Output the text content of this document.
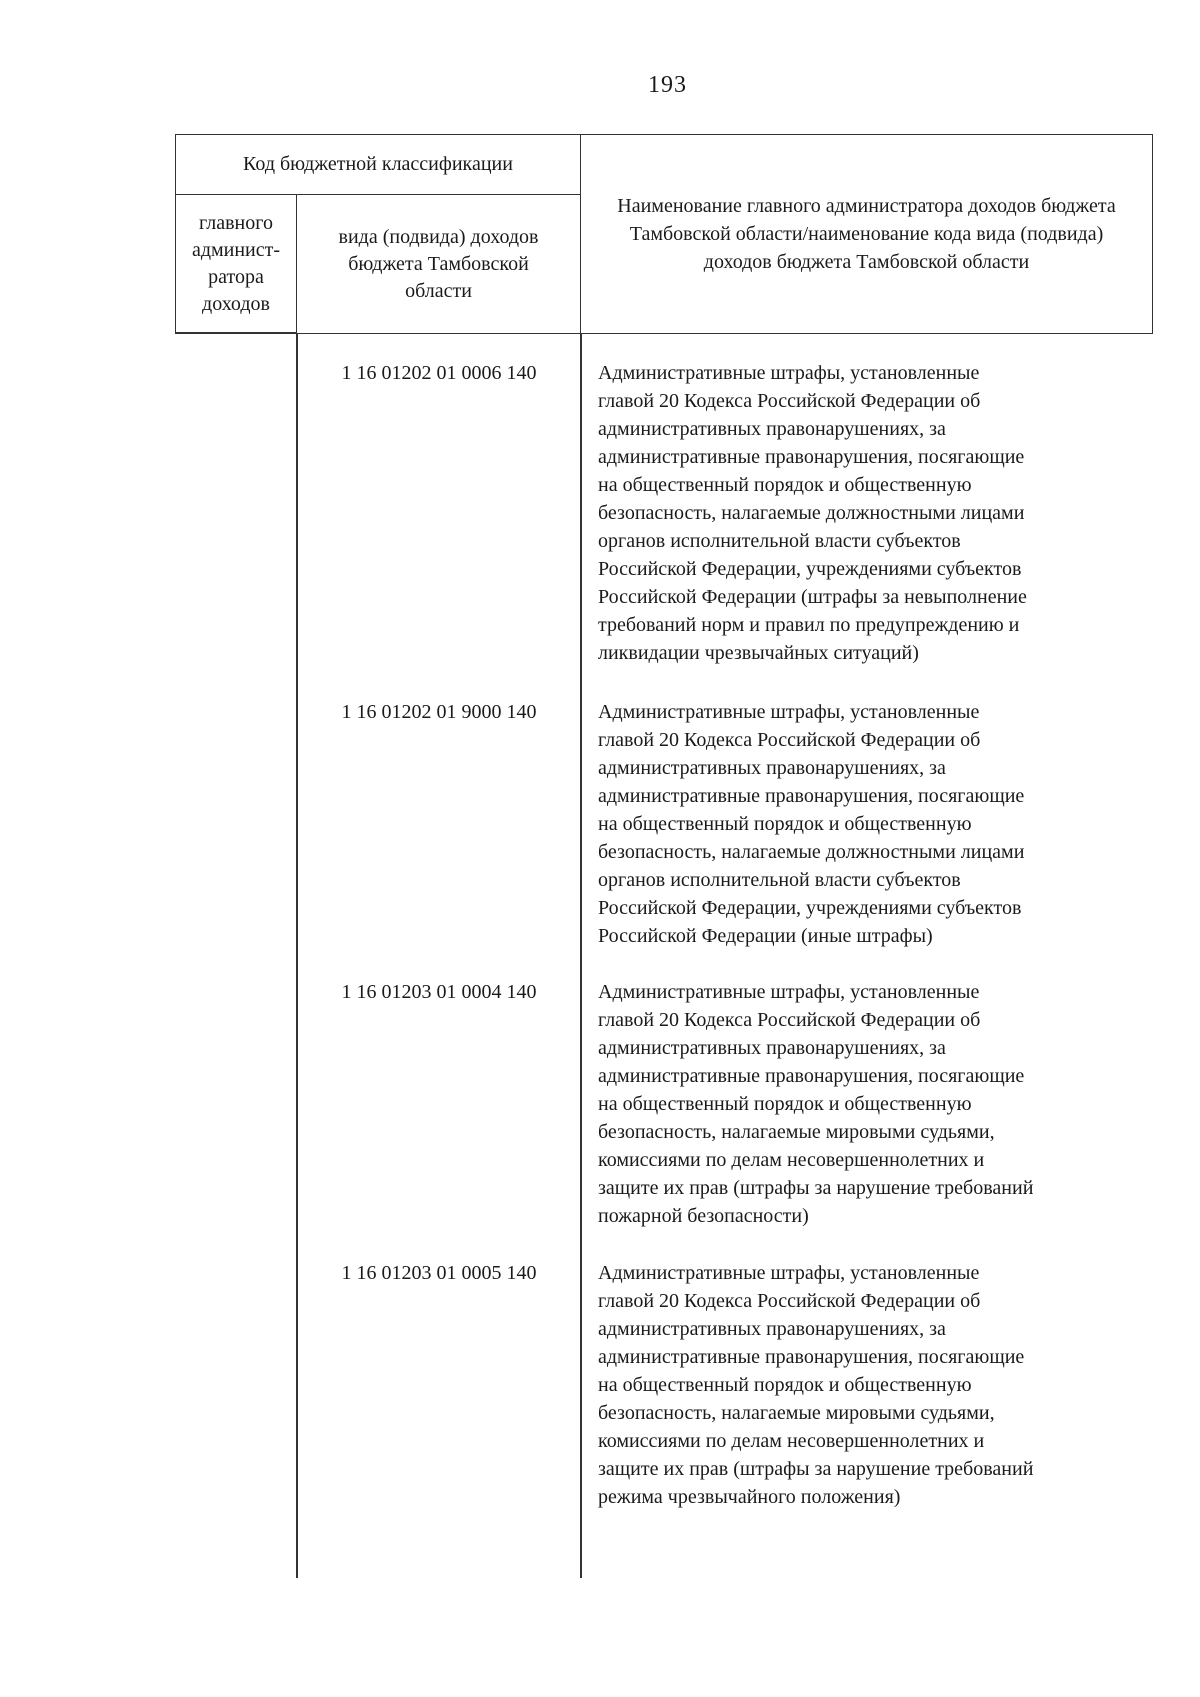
193
Код бюджетной классификации
главного админист-ратора доходов
вида (подвида) доходов бюджета Тамбовской области
Наименование главного администратора доходов бюджета Тамбовской области/наименование кода вида (подвида) доходов бюджета Тамбовской области
1 16 01202 01 0006 140	Административные штрафы, установленные
главой 20 Кодекса Российской Федерации об
административных правонарушениях, за
административные правонарушения, посягающие
на общественный порядок и общественную
безопасность, налагаемые должностными лицами
органов исполнительной власти субъектов
Российской Федерации, учреждениями субъектов
Российской Федерации (штрафы за невыполнение
требований норм и правил по предупреждению и
ликвидации чрезвычайных ситуаций)
1 16 01202 01 9000 140	Административные штрафы, установленные
главой 20 Кодекса Российской Федерации об
административных правонарушениях, за
административные правонарушения, посягающие
на общественный порядок и общественную
безопасность, налагаемые должностными лицами
органов исполнительной власти субъектов
Российской Федерации, учреждениями субъектов
Российской Федерации (иные штрафы)
1 16 01203 01 0004 140	Административные штрафы, установленные
главой 20 Кодекса Российской Федерации об
административных правонарушениях, за
административные правонарушения, посягающие
на общественный порядок и общественную
безопасность, налагаемые мировыми судьями,
комиссиями по делам несовершеннолетних и
защите их прав (штрафы за нарушение требований
пожарной безопасности)
1 16 01203 01 0005 140	Административные штрафы, установленные
главой 20 Кодекса Российской Федерации об
административных правонарушениях, за
административные правонарушения, посягающие
на общественный порядок и общественную
безопасность, налагаемые мировыми судьями,
комиссиями по делам несовершеннолетних и
защите их прав (штрафы за нарушение требований
режима чрезвычайного положения)
